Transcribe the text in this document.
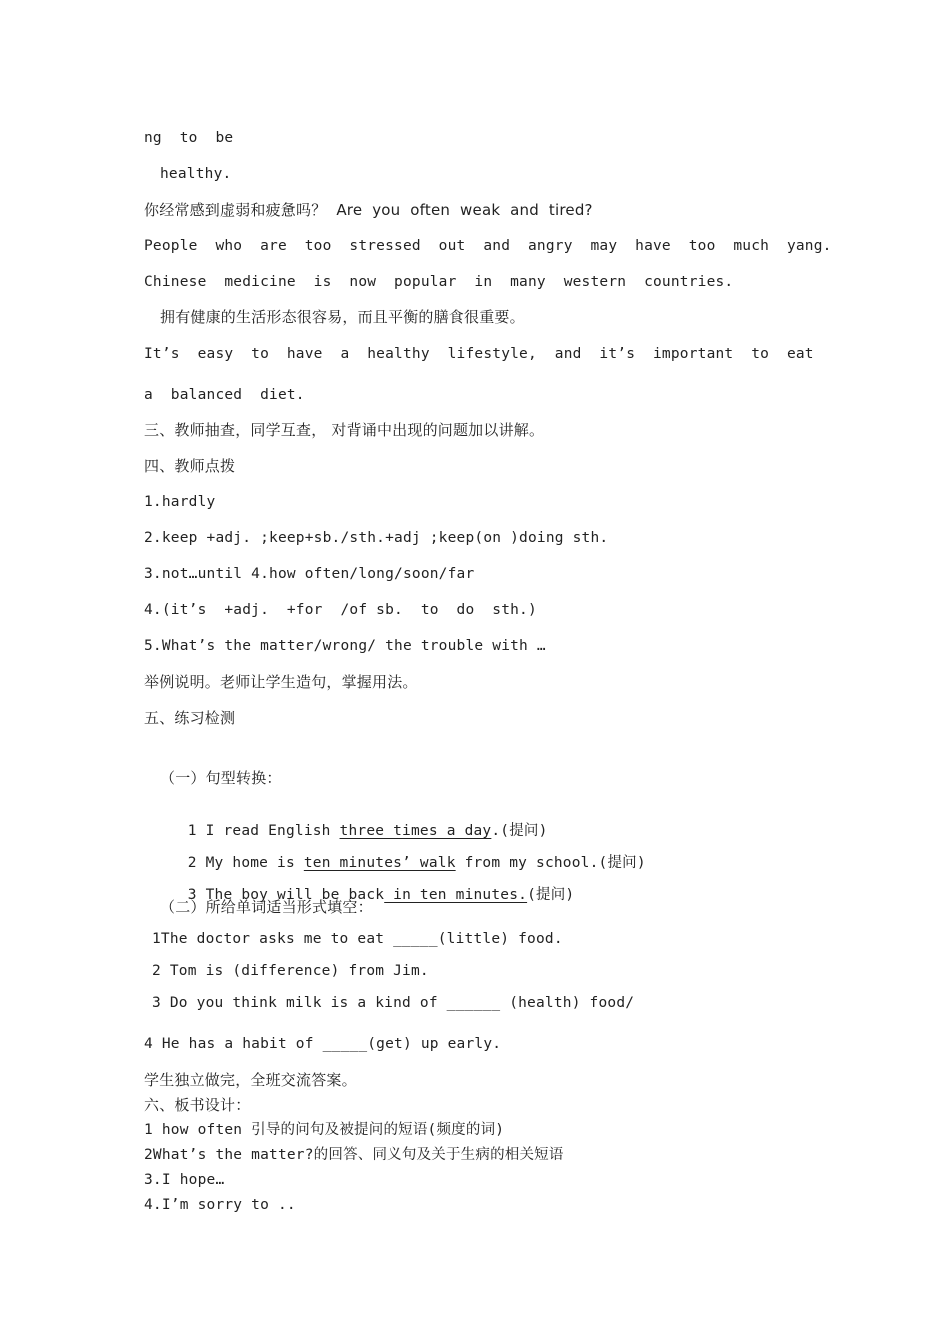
ng  to  be
healthy.
你经常感到虚弱和疲惫吗？  Are  you  often  weak  and  tired?
People  who  are  too  stressed  out  and  angry  may  have  too  much  yang.
Chinese  medicine  is  now  popular  in  many  western  countries.
拥有健康的生活形态很容易，而且平衡的膳食很重要。
It’s  easy  to  have  a  healthy  lifestyle,  and  it’s  important  to  eat
a  balanced  diet.
三、教师抽查，同学互查， 对背诵中出现的问题加以讲解。
四、教师点拨
1.hardly
2.keep +adj. ;keep+sb./sth.+adj ;keep(on )doing sth.
3.not…until 4.how often/long/soon/far
4.(it’s  +adj.  +for  /of sb.  to  do  sth.)
5.What’s the matter/wrong/ the trouble with …
举例说明。老师让学生造句，掌握用法。
五、练习检测
（一）句型转换：

1 I read English three times a day.(提问)

2 My home is ten minutes’ walk from my school.(提问)

3 The boy will be back in ten minutes.(提问)

（二）所给单词适当形式填空：
1The doctor asks me to eat _____(little) food.
2 Tom is (difference) from Jim.
3 Do you think milk is a kind of ______ (health) food/
4 He has a habit of _____(get) up early.
学生独立做完，全班交流答案。
六、板书设计：
1 how often 引导的问句及被提问的短语(频度的词)
2What’s the matter?的回答、同义句及关于生病的相关短语
3.I hope…
4.I’m sorry to ..
